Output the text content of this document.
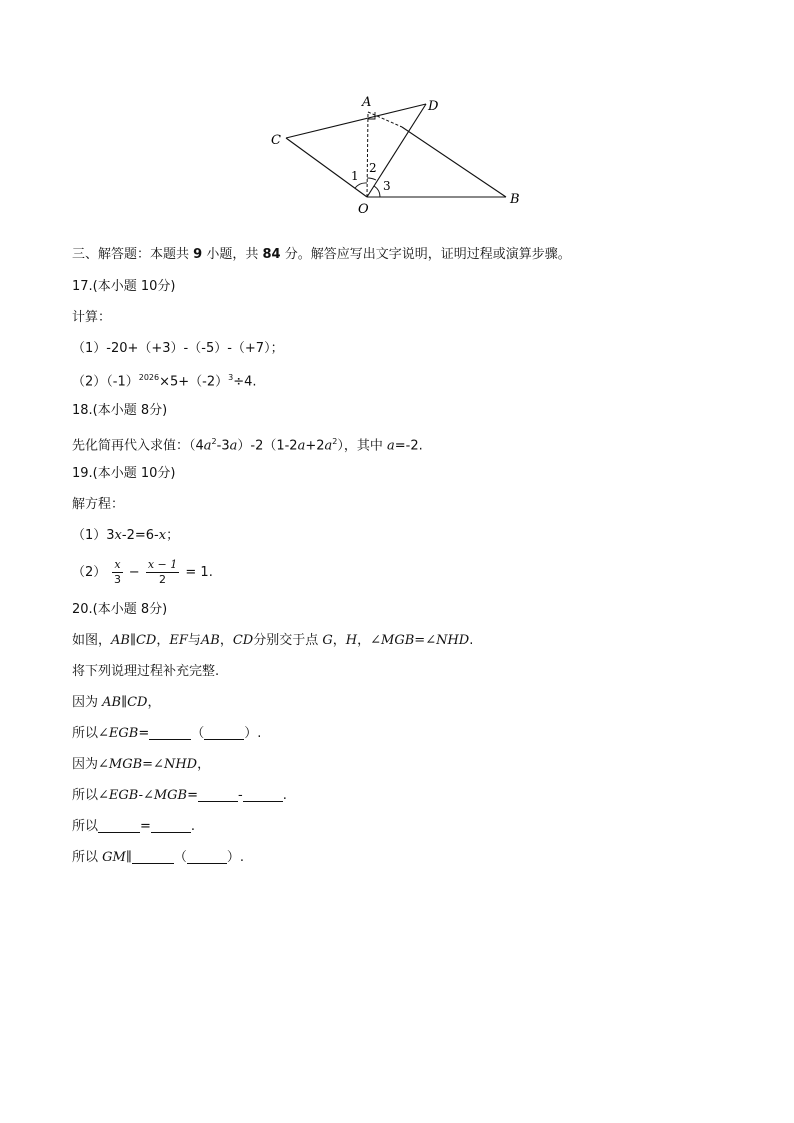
A	D
C
O
B
1
2
3
三、解答题：本题共 9 小题，共 84 分。解答应写出文字说明，证明过程或演算步骤。
17.(本小题 10分)
计算：
（1）-20+（+3）-（-5）-（+7）；
$(2)(-1)^{2026}\times 5+(-2)^3\div 4$.
18.(本小题 8分)
先化简再代入求值：$(4a^2-3a)-2(1-2a+2a^2)$，其中 a=-2.
19.(本小题 10分)
解方程：
（1）3x-2=6-x；
$(2) \frac{x}{3} - \frac{x - 1}{2} = 1$.
20.(本小题 8分)
如图，AB∥CD，EF与AB，CD分别交于点 G，H，∠MGB=∠NHD.
将下列说理过程补充完整.
因为 AB∥CD，
所以∠EGB=	（	）.
因为∠MGB=∠NHD，
所以∠EGB-∠MGB=	-	.
所以	=	.
所以 GM∥	（	）.
